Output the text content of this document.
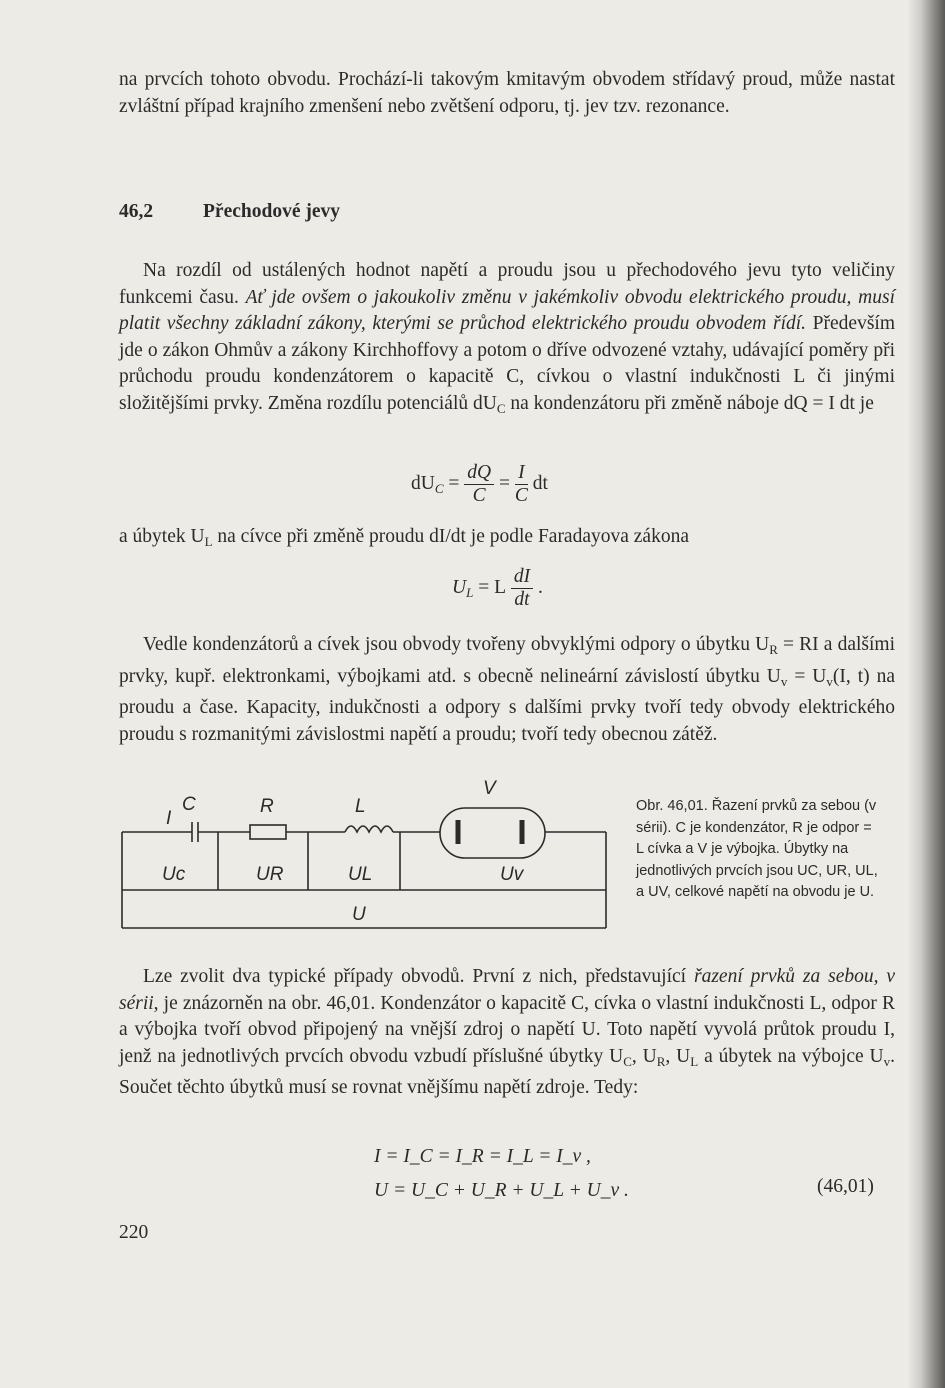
na prvcích tohoto obvodu. Prochází-li takovým kmitavým obvodem střídavý proud, může nastat zvláštní případ krajního zmenšení nebo zvětšení odporu, tj. jev tzv. rezonance.

46,2	Přechodové jevy

Na rozdíl od ustálených hodnot napětí a proudu jsou u přechodového jevu tyto veličiny funkcemi času. Ať jde ovšem o jakoukoliv změnu v jakémkoliv obvodu elektrického proudu, musí platit všechny základní zákony, kterými se průchod elektrického proudu obvodem řídí. Především jde o zákon Ohmův a zákony Kirchhoffovy a potom o dříve odvozené vztahy, udávající poměry při průchodu proudu kondenzátorem o kapacitě C, cívkou o vlastní indukčnosti L či jinými složitějšími prvky. Změna rozdílu potenciálů $dU_C$ na kondenzátoru při změně náboje dQ = I dt je

$dU_C = \frac{dQ}{C} = \frac{I}{C}$ dt

a úbytek $U_L$ na cívce při změně proudu dI/dt je podle Faradayova zákona

$U_L = L \frac{dI}{dt}$ .

Vedle kondenzátorů a cívek jsou obvody tvořeny obvyklými odpory o úbytku $U_R$ = RI a dalšími prvky, kupř. elektronkami, výbojkami atd. s obecně nelineární závislostí úbytku $U_v = U_v(I$, t) na proudu a čase. Kapacity, indukčnosti a odpory s dalšími prvky tvoří tedy obvody elektrického proudu s rozmanitými závislostmi napětí a proudu; tvoří tedy obecnou zátěž.

C
I
R	L
V
Uc	UR	UL	Uv
U
Obr. 46,01. Řazení prvků za sebou (v sérii). C je kondenzátor, R je odpor = L cívka a V je výbojka. Úbytky na jednotlivých prvcích jsou UC, UR, UL, a UV, celkové napětí na obvodu je U.

Lze zvolit dva typické případy obvodů. První z nich, představující řazení prvků za sebou, v sérii, je znázorněn na obr. 46,01. Kondenzátor o kapacitě C, cívka o vlastní indukčnosti L, odpor R a výbojka tvoří obvod připojený na vnější zdroj o napětí U. Toto napětí vyvolá průtok proudu I, jenž na jednotlivých prvcích obvodu vzbudí příslušné úbytky $U_C$, $U_R$, $U_L$ a úbytek na výbojce $U_v$. Součet těchto úbytků musí se rovnat vnějšímu napětí zdroje. Tedy:

I = I_C = I_R = I_L = I_v ,
U = U_C + U_R + U_L + U_v .	(46,01)
220
